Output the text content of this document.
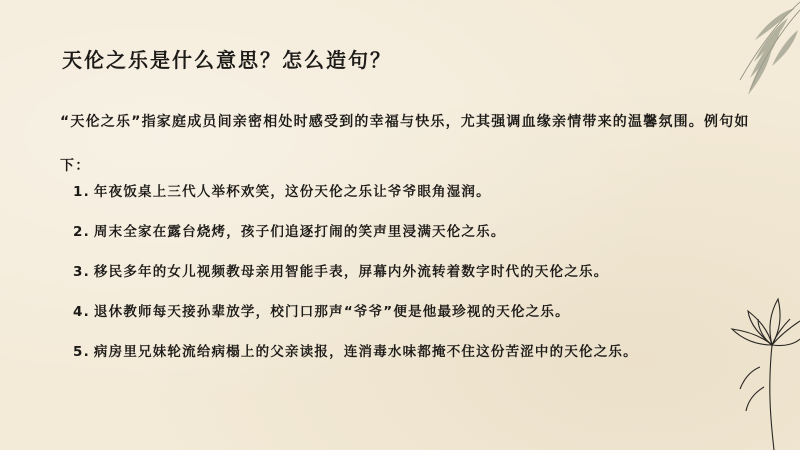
天伦之乐是什么意思？怎么造句？

“天伦之乐”指家庭成员间亲密相处时感受到的幸福与快乐，尤其强调血缘亲情带来的温馨氛围。例句如下：

1. 年夜饭桌上三代人举杯欢笑，这份天伦之乐让爷爷眼角湿润。
2. 周末全家在露台烧烤，孩子们追逐打闹的笑声里浸满天伦之乐。
3. 移民多年的女儿视频教母亲用智能手表，屏幕内外流转着数字时代的天伦之乐。
4. 退休教师每天接孙辈放学，校门口那声“爷爷”便是他最珍视的天伦之乐。
5. 病房里兄妹轮流给病榻上的父亲读报，连消毒水味都掩不住这份苦涩中的天伦之乐。
